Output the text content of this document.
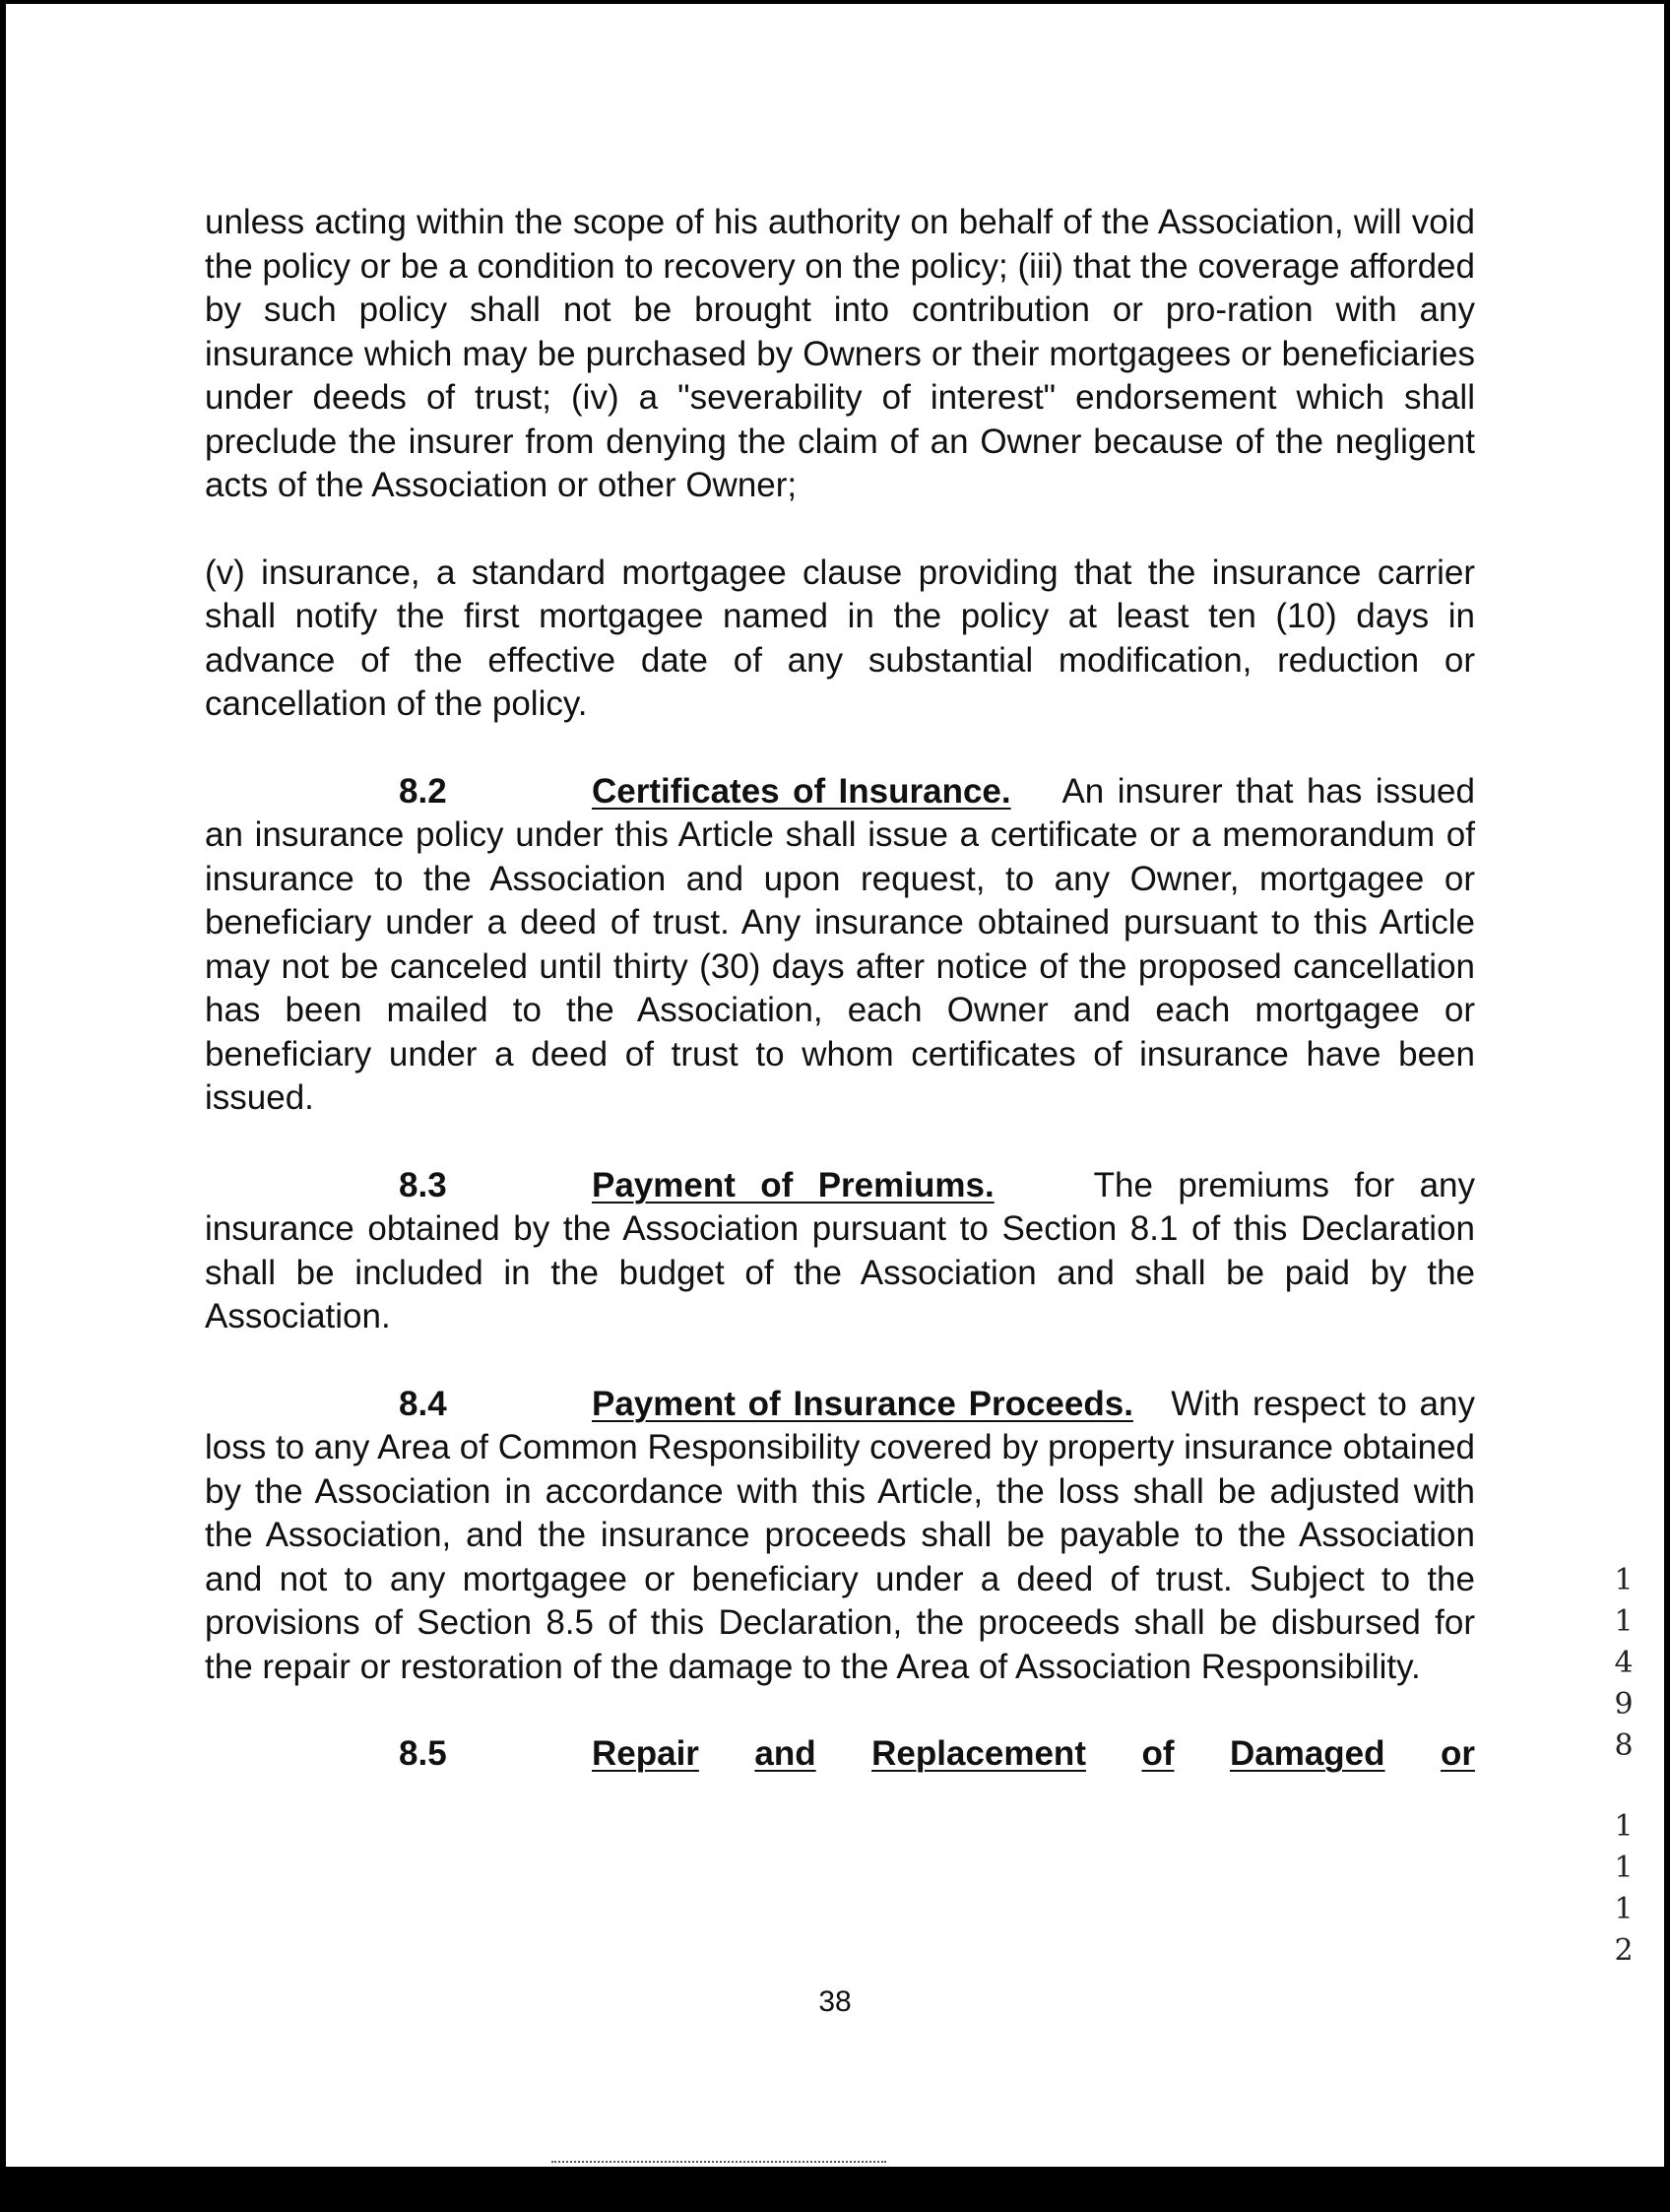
unless acting within the scope of his authority on behalf of the Association, will void the policy or be a condition to recovery on the policy; (iii) that the coverage afforded by such policy shall not be brought into contribution or pro-ration with any insurance which may be purchased by Owners or their mortgagees or beneficiaries under deeds of trust; (iv) a "severability of interest" endorsement which shall preclude the insurer from denying the claim of an Owner because of the negligent acts of the Association or other Owner;

(v) insurance, a standard mortgagee clause providing that the insurance carrier shall notify the first mortgagee named in the policy at least ten (10) days in advance of the effective date of any substantial modification, reduction or cancellation of the policy.

8.2	Certificates of Insurance. An insurer that has issued an insurance policy under this Article shall issue a certificate or a memorandum of insurance to the Association and upon request, to any Owner, mortgagee or beneficiary under a deed of trust. Any insurance obtained pursuant to this Article may not be canceled until thirty (30) days after notice of the proposed cancellation has been mailed to the Association, each Owner and each mortgagee or beneficiary under a deed of trust to whom certificates of insurance have been issued.

8.3	Payment of Premiums.	The premiums for any insurance obtained by the Association pursuant to Section 8.1 of this Declaration shall be included in the budget of the Association and shall be paid by the Association.

8.4	Payment of Insurance Proceeds. With respect to any loss to any Area of Common Responsibility covered by property insurance obtained by the Association in accordance with this Article, the loss shall be adjusted with the Association, and the insurance proceeds shall be payable to the Association and not to any mortgagee or beneficiary under a deed of trust. Subject to the provisions of Section 8.5 of this Declaration, the proceeds shall be disbursed for the repair or restoration of the damage to the Area of Association Responsibility.

8.5	Repair and Replacement of Damaged or
38
1
1
4
9
8
1
1
1
2
